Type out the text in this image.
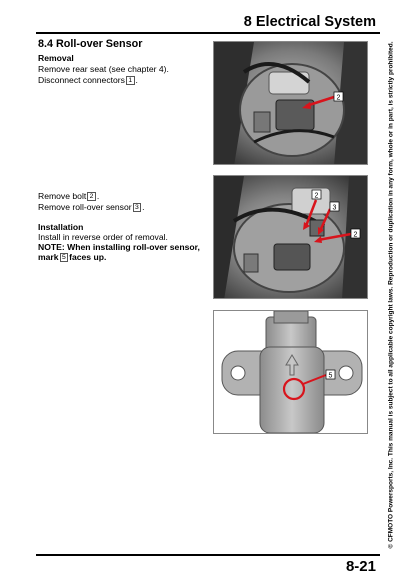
8 Electrical System
8.4 Roll-over Sensor
Removal
Remove rear seat (see chapter 4).
Disconnect connectors 1 .
Remove bolt 2 .
Remove roll-over sensor 3 .
Installation
Install in reverse order of removal.
NOTE: When installing roll-over sensor,
mark 5 faces up.
2
2
3
2
5	© CFMOTO Powersports, Inc. This manual is subject to all applicable copyright laws. Reproduction or duplication in any form, whole or in part, is strictly prohibited.
8-21
